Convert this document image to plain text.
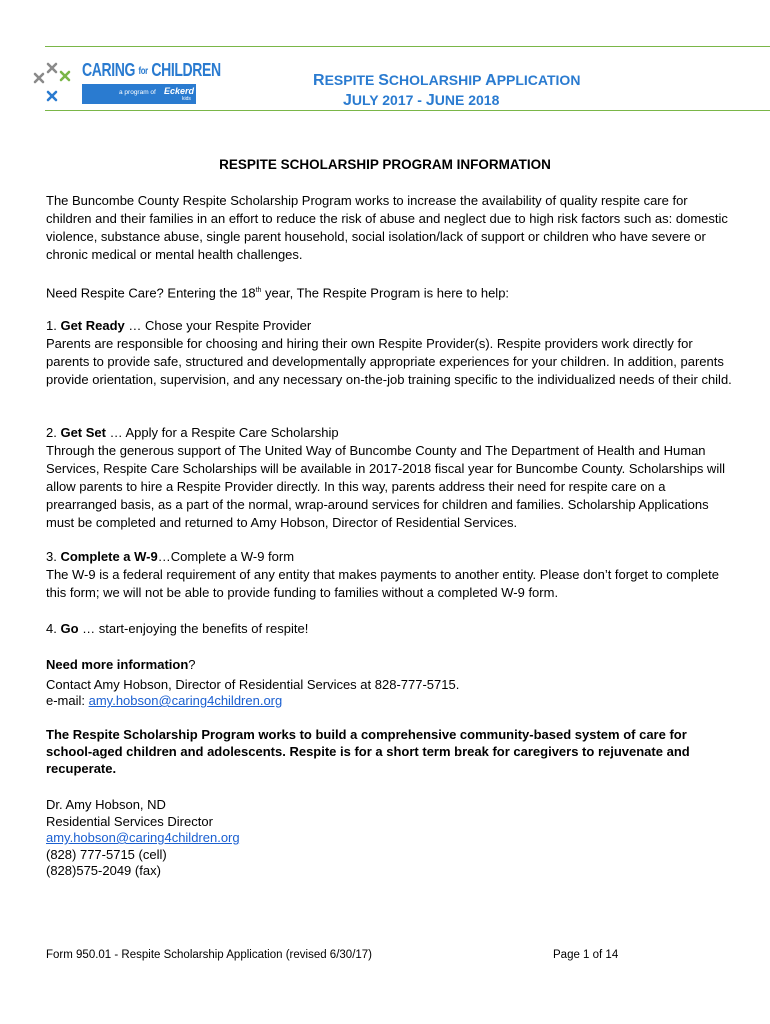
CARING for CHILDREN
a program of Eckerd
kids
RESPITE SCHOLARSHIP APPLICATION
JULY 2017 - JUNE 2018
RESPITE SCHOLARSHIP PROGRAM INFORMATION

The Buncombe County Respite Scholarship Program works to increase the availability of quality respite care for children and their families in an effort to reduce the risk of abuse and neglect due to high risk factors such as: domestic violence, substance abuse, single parent household, social isolation/lack of support or children who have severe or chronic medical or mental health challenges.

Need Respite Care? Entering the 18th year, The Respite Program is here to help:

1. Get Ready … Chose your Respite Provider
Parents are responsible for choosing and hiring their own Respite Provider(s). Respite providers work directly for parents to provide safe, structured and developmentally appropriate experiences for your children. In addition, parents provide orientation, supervision, and any necessary on-the-job training specific to the individualized needs of their child.

2. Get Set … Apply for a Respite Care Scholarship
Through the generous support of The United Way of Buncombe County and The Department of Health and Human Services, Respite Care Scholarships will be available in 2017-2018 fiscal year for Buncombe County. Scholarships will allow parents to hire a Respite Provider directly. In this way, parents address their need for respite care on a prearranged basis, as a part of the normal, wrap-around services for children and families. Scholarship Applications must be completed and returned to Amy Hobson, Director of Residential Services.

3. Complete a W-9…Complete a W-9 form
The W-9 is a federal requirement of any entity that makes payments to another entity. Please don’t forget to complete this form; we will not be able to provide funding to families without a completed W-9 form.

4. Go … start-enjoying the benefits of respite!

Need more information?

Contact Amy Hobson, Director of Residential Services at 828-777-5715.
e-mail: amy.hobson@caring4children.org

The Respite Scholarship Program works to build a comprehensive community-based system of care for school-aged children and adolescents. Respite is for a short term break for caregivers to rejuvenate and recuperate.

Dr. Amy Hobson, ND
Residential Services Director
amy.hobson@caring4children.org
(828) 777-5715 (cell)
(828)575-2049 (fax)

Form 950.01 - Respite Scholarship Application (revised 6/30/17)	Page 1 of 14
